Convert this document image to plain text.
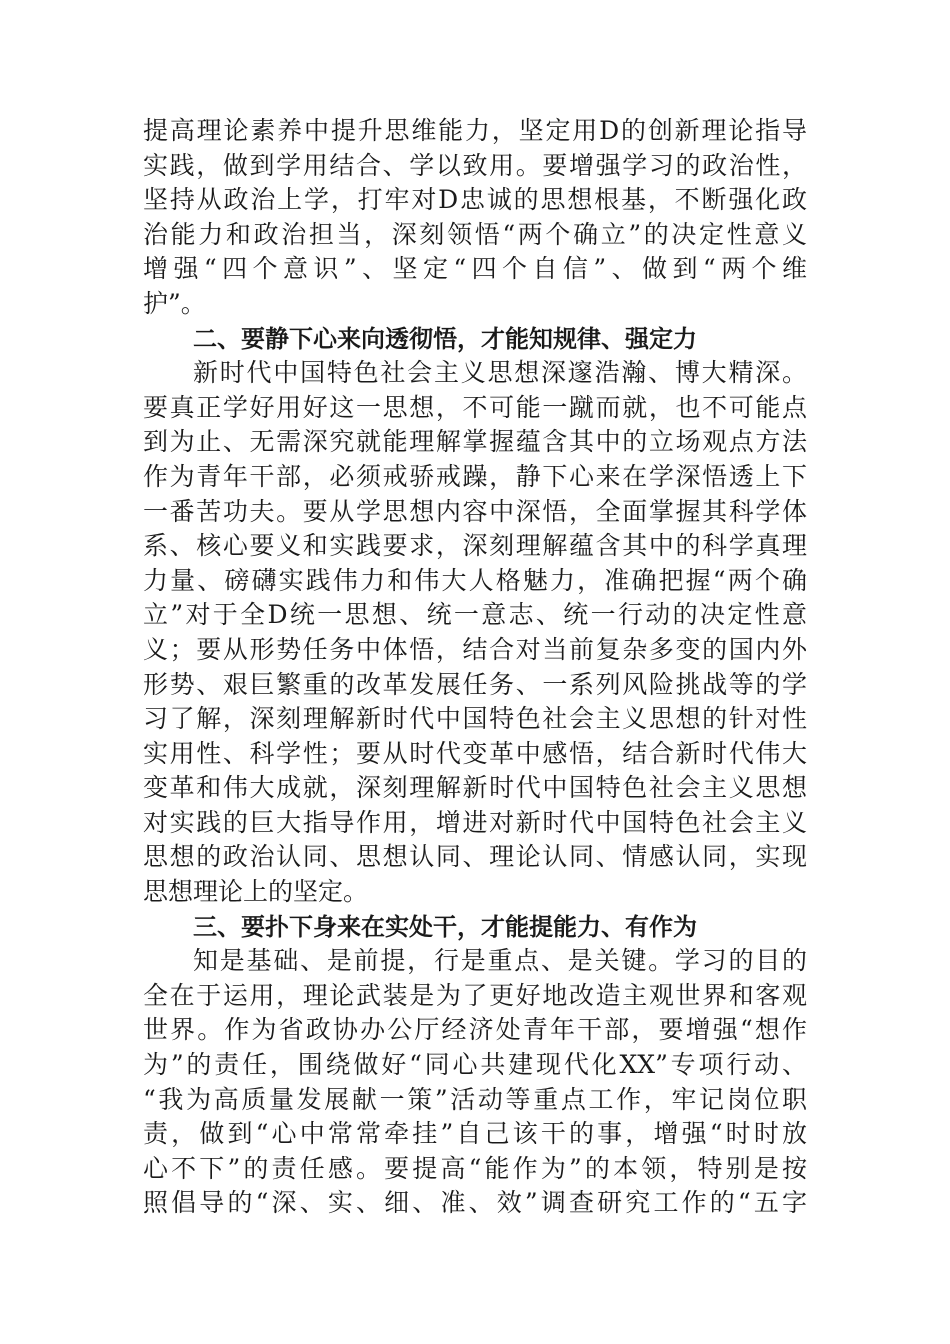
提高理论素养中提升思维能力，坚定用D的创新理论指导
实践，做到学用结合、学以致用。要增强学习的政治性，
坚持从政治上学，打牢对D忠诚的思想根基，不断强化政
治能力和政治担当，深刻领悟“两个确立”的决定性意义
增强“四个意识”、坚定“四个自信”、做到“两个维
护”。
二、要静下心来向透彻悟，才能知规律、强定力
新时代中国特色社会主义思想深邃浩瀚、博大精深。
要真正学好用好这一思想，不可能一蹴而就，也不可能点
到为止、无需深究就能理解掌握蕴含其中的立场观点方法
作为青年干部，必须戒骄戒躁，静下心来在学深悟透上下
一番苦功夫。要从学思想内容中深悟，全面掌握其科学体
系、核心要义和实践要求，深刻理解蕴含其中的科学真理
力量、磅礴实践伟力和伟大人格魅力，准确把握“两个确
立”对于全D统一思想、统一意志、统一行动的决定性意
义；要从形势任务中体悟，结合对当前复杂多变的国内外
形势、艰巨繁重的改革发展任务、一系列风险挑战等的学
习了解，深刻理解新时代中国特色社会主义思想的针对性
实用性、科学性；要从时代变革中感悟，结合新时代伟大
变革和伟大成就，深刻理解新时代中国特色社会主义思想
对实践的巨大指导作用，增进对新时代中国特色社会主义
思想的政治认同、思想认同、理论认同、情感认同，实现
思想理论上的坚定。
三、要扑下身来在实处干，才能提能力、有作为
知是基础、是前提，行是重点、是关键。学习的目的
全在于运用，理论武装是为了更好地改造主观世界和客观
世界。作为省政协办公厅经济处青年干部，要增强“想作
为”的责任，围绕做好“同心共建现代化XX”专项行动、
“我为高质量发展献一策”活动等重点工作，牢记岗位职
责，做到“心中常常牵挂”自己该干的事，增强“时时放
心不下”的责任感。要提高“能作为”的本领，特别是按
照倡导的“深、实、细、准、效”调查研究工作的“五字
